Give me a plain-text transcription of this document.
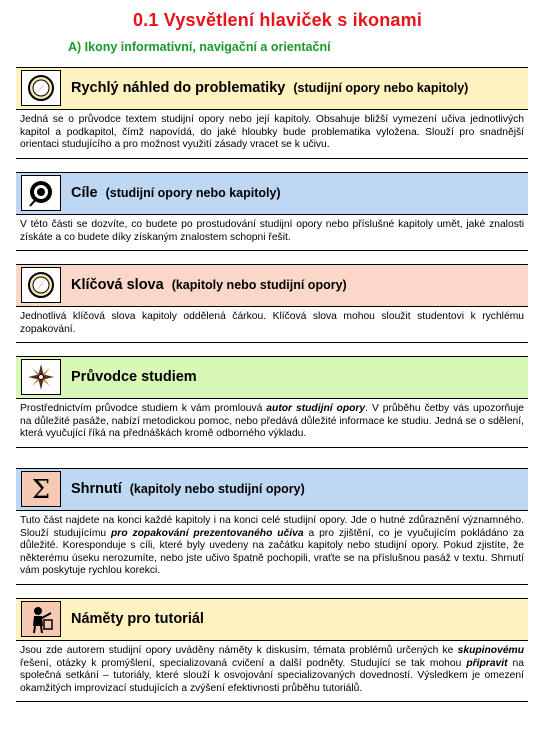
0.1 Vysvětlení hlaviček s ikonami
A) Ikony informativní, navigační a orientační
Rychlý náhled do problematiky (studijní opory nebo kapitoly)
Jedná se o průvodce textem studijní opory nebo její kapitoly. Obsahuje bližší vymezení učiva jednotlivých kapitol a podkapitol, čímž napovídá, do jaké hloubky bude problematika vyložena. Slouží pro snadnější orientaci studujícího a pro možnost využití zásady vracet se k učivu.
Cíle (studijní opory nebo kapitoly)
V této části se dozvíte, co budete po prostudování studijní opory nebo příslušné kapitoly umět, jaké znalosti získáte a co budete díky získaným znalostem schopni řešit.
Klíčová slova (kapitoly nebo studijní opory)
Jednotlivá klíčová slova kapitoly oddělená čárkou. Klíčová slova mohou sloužit studentovi k rychlému zopakování.
Průvodce studiem
Prostřednictvím průvodce studiem k vám promlouvá autor studijní opory. V průběhu četby vás upozorňuje na důležité pasáže, nabízí metodickou pomoc, nebo předává důležité informace ke studiu. Jedná se o sdělení, která vyučující říká na přednáškách kromě odborného výkladu.
Σ Shrnutí (kapitoly nebo studijní opory)
Tuto část najdete na konci každé kapitoly i na konci celé studijní opory. Jde o hutné zdůraznění významného. Slouží studujícímu pro zopakování prezentovaného učiva a pro zjištění, co je vyučujícím pokládáno za důležité. Koresponduje s cíli, které byly uvedeny na začátku kapitoly nebo studijní opory. Pokud zjistíte, že některému úseku nerozumíte, nebo jste učivo špatně pochopili, vraťte se na příslušnou pasáž v textu. Shrnutí vám poskytuje rychlou korekci.
Náměty pro tutoriál
Jsou zde autorem studijní opory uváděny náměty k diskusím, témata problémů určených ke skupinovému řešení, otázky k promýšlení, specializovaná cvičení a další podněty. Studující se tak mohou připravit na společná setkání – tutoriály, které slouží k osvojování specializovaných dovedností. Výsledkem je omezení okamžitých improvizací studujících a zvýšení efektivnosti průběhu tutoriálů.
